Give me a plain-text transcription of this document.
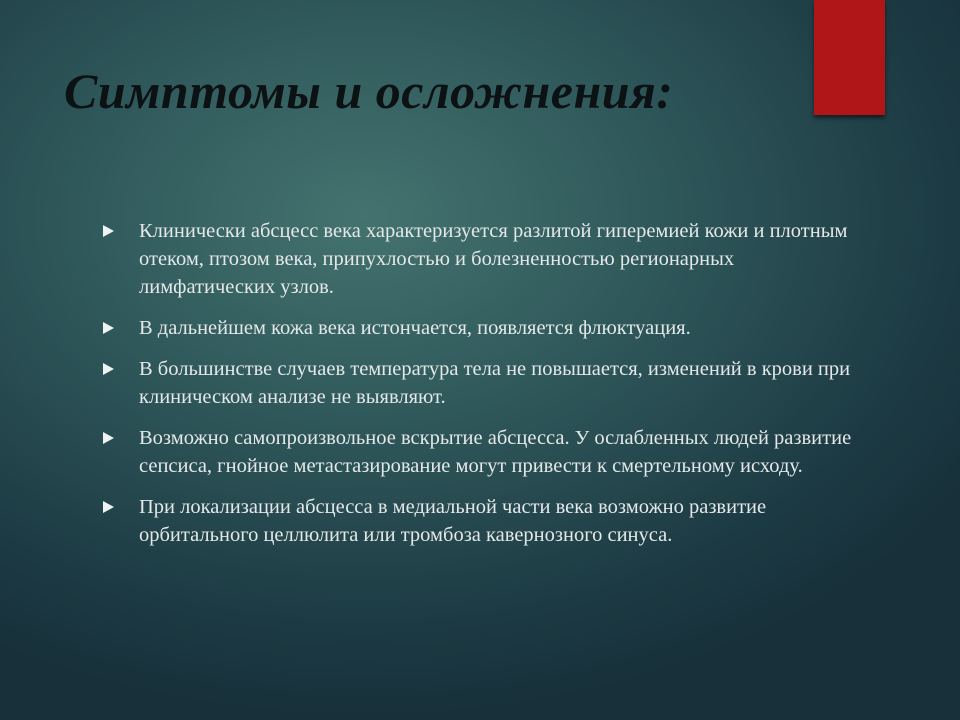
Симптомы и осложнения:
Клинически абсцесс века характеризуется разлитой гиперемией кожи и плотным отеком, птозом века, припухлостью и болезненностью регионарных лимфатических узлов.
В дальнейшем кожа века истончается, появляется флюктуация.
В большинстве случаев температура тела не повышается, изменений в крови при клиническом анализе не выявляют.
Возможно самопроизвольное вскрытие абсцесса. У ослабленных людей развитие сепсиса, гнойное метастазирование могут привести к смертельному исходу.
При локализации абсцесса в медиальной части века возможно развитие орбитального целлюлита или тромбоза кавернозного синуса.
